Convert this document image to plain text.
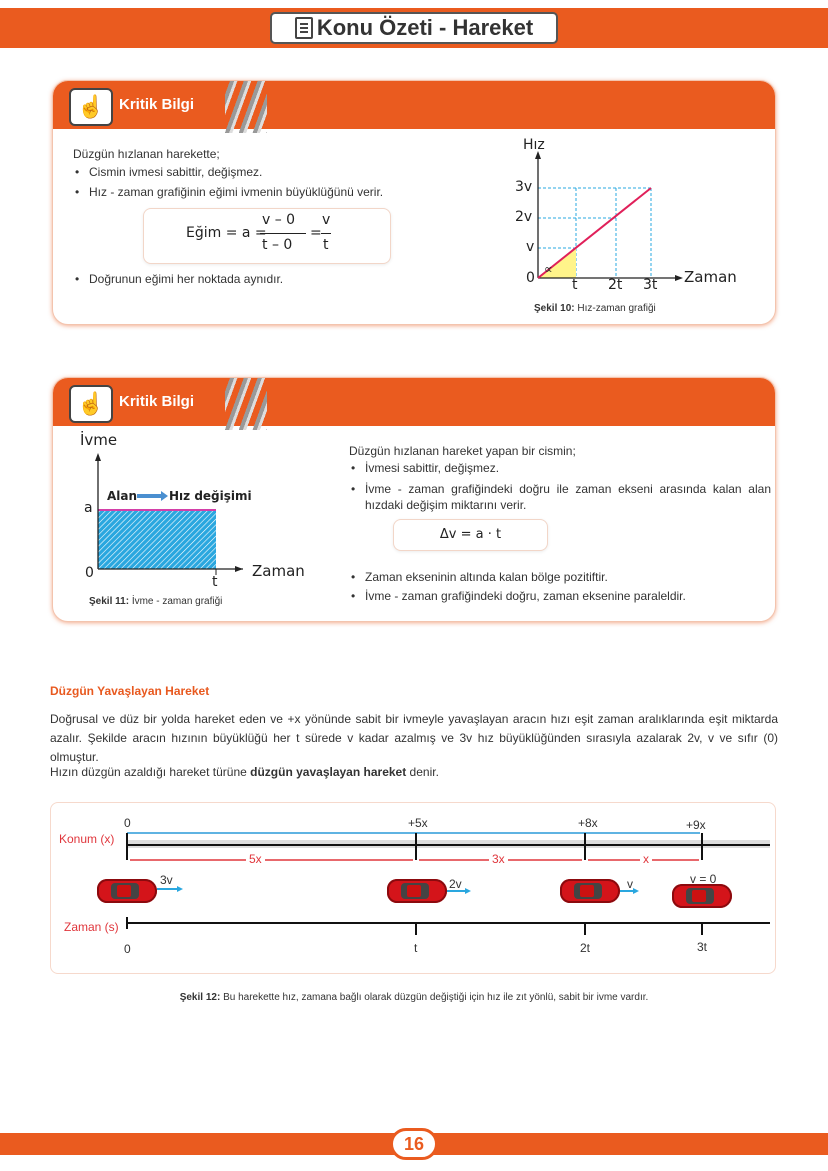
Konu Özeti - Hareket
☝ Kritik Bilgi
Düzgün hızlanan harekette;
• Cismin ivmesi sabittir, değişmez.
• Hız - zaman grafiğinin eğimi ivmenin büyüklüğünü verir.
Eğim = a =
v – 0
t – 0
=
v
t
• Doğrunun eğimi her noktada aynıdır.
Hız
3v
2v
v
0
∝
t 2t 3t Zaman
Şekil 10: Hız-zaman grafiği
☝ Kritik Bilgi
İvme
Alan	Hız değişimi
a
0
t
Zaman
Şekil 11: İvme - zaman grafiği
Düzgün hızlanan hareket yapan bir cismin;
• İvmesi sabittir, değişmez.
• İvme - zaman grafiğindeki doğru ile zaman ekseni arasında kalan alan hızdaki değişim miktarını verir.
Δv = a · t
• Zaman ekseninin altında kalan bölge pozitiftir.
• İvme - zaman grafiğindeki doğru, zaman eksenine paraleldir.
Düzgün Yavaşlayan Hareket
Doğrusal ve düz bir yolda hareket eden ve +x yönünde sabit bir ivmeyle yavaşlayan aracın hızı eşit zaman aralıklarında eşit miktarda azalır. Şekilde aracın hızının büyüklüğü her t sürede v kadar azalmış ve 3v hız büyüklüğünden sırasıyla azalarak 2v, v ve sıfır (0) olmuştur.
Hızın düzgün azaldığı hareket türüne düzgün yavaşlayan hareket denir.
Konum (x)
Zaman (s)
0	+5x	+8x	+9x
5x	3x	x
3v	2v	v	v = 0
0	t	2t	3t
Şekil 12: Bu harekette hız, zamana bağlı olarak düzgün değiştiği için hız ile zıt yönlü, sabit bir ivme vardır.
16
